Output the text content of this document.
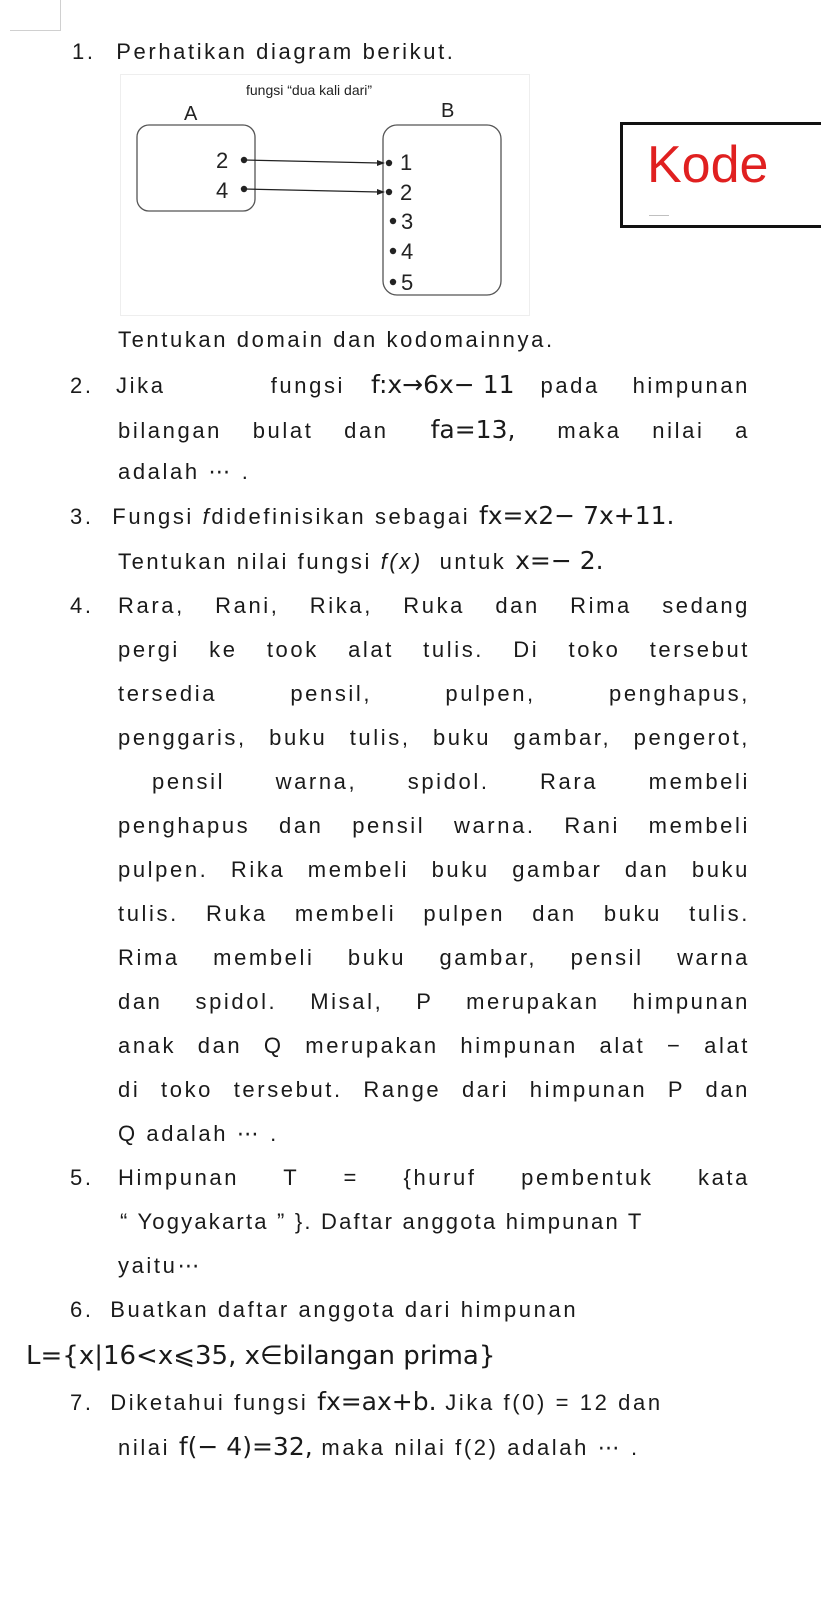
1. Perhatikan diagram berikut.
fungsi “dua kali dari”
A	B
2
4
1
2
3
4
5
Kode
Tentukan domain dan kodomainnya.
2.	Jika fungsi f:x→6x− 11 pada himpunan
bilangan bulat dan fa=13, maka nilai a
adalah ⋯ .
3. Fungsi fdidefinisikan sebagai fx=x2− 7x+11.
Tentukan nilai fungsi f(x) untuk x=− 2.
4. Rara, Rani, Rika, Ruka dan Rima sedang
pergi ke took alat tulis. Di toko tersebut
tersedia pensil, pulpen, penghapus,
penggaris, buku tulis, buku gambar, pengerot,
pensil warna, spidol. Rara membeli
penghapus dan pensil warna. Rani membeli
pulpen. Rika membeli buku gambar dan buku
tulis. Ruka membeli pulpen dan buku tulis.
Rima membeli buku gambar, pensil warna
dan spidol. Misal, P merupakan himpunan
anak dan Q merupakan himpunan alat − alat
di toko tersebut. Range dari himpunan P dan
Q adalah ⋯ .
5. Himpunan T = {huruf pembentuk kata
“ Yogyakarta ” }. Daftar anggota himpunan T
yaitu⋯
6. Buatkan daftar anggota dari himpunan
L={x|16<x⩽35, x∈bilangan prima}
7. Diketahui fungsi fx=ax+b. Jika f(0) = 12 dan
nilai f(− 4)=32, maka nilai f(2) adalah ⋯ .
